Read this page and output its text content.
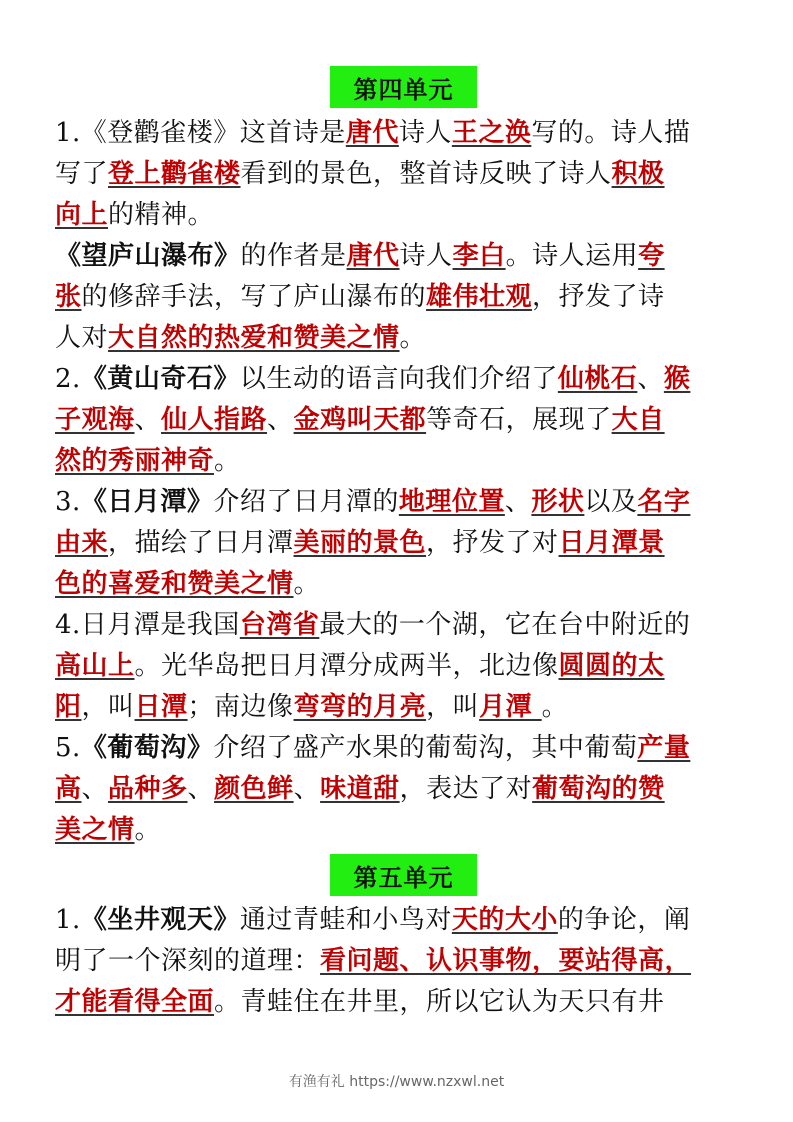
第四单元
1.《登鹳雀楼》这首诗是唐代诗人王之涣写的。诗人描
写了登上鹳雀楼看到的景色，整首诗反映了诗人积极
向上的精神。
《望庐山瀑布》的作者是唐代诗人李白。诗人运用夸
张的修辞手法，写了庐山瀑布的雄伟壮观，抒发了诗
人对大自然的热爱和赞美之情。
2.《黄山奇石》以生动的语言向我们介绍了仙桃石、猴
子观海、仙人指路、金鸡叫天都等奇石，展现了大自
然的秀丽神奇。
3.《日月潭》介绍了日月潭的地理位置、形状以及名字
由来，描绘了日月潭美丽的景色，抒发了对日月潭景
色的喜爱和赞美之情。
4.日月潭是我国台湾省最大的一个湖，它在台中附近的
高山上。光华岛把日月潭分成两半，北边像圆圆的太
阳，叫日潭；南边像弯弯的月亮，叫月潭 。
5.《葡萄沟》介绍了盛产水果的葡萄沟，其中葡萄产量
高、品种多、颜色鲜、味道甜，表达了对葡萄沟的赞
美之情。
第五单元
1.《坐井观天》通过青蛙和小鸟对天的大小的争论，阐
明了一个深刻的道理：看问题、认识事物，要站得高，
才能看得全面。青蛙住在井里，所以它认为天只有井
有渔有礼 https://www.nzxwl.net
